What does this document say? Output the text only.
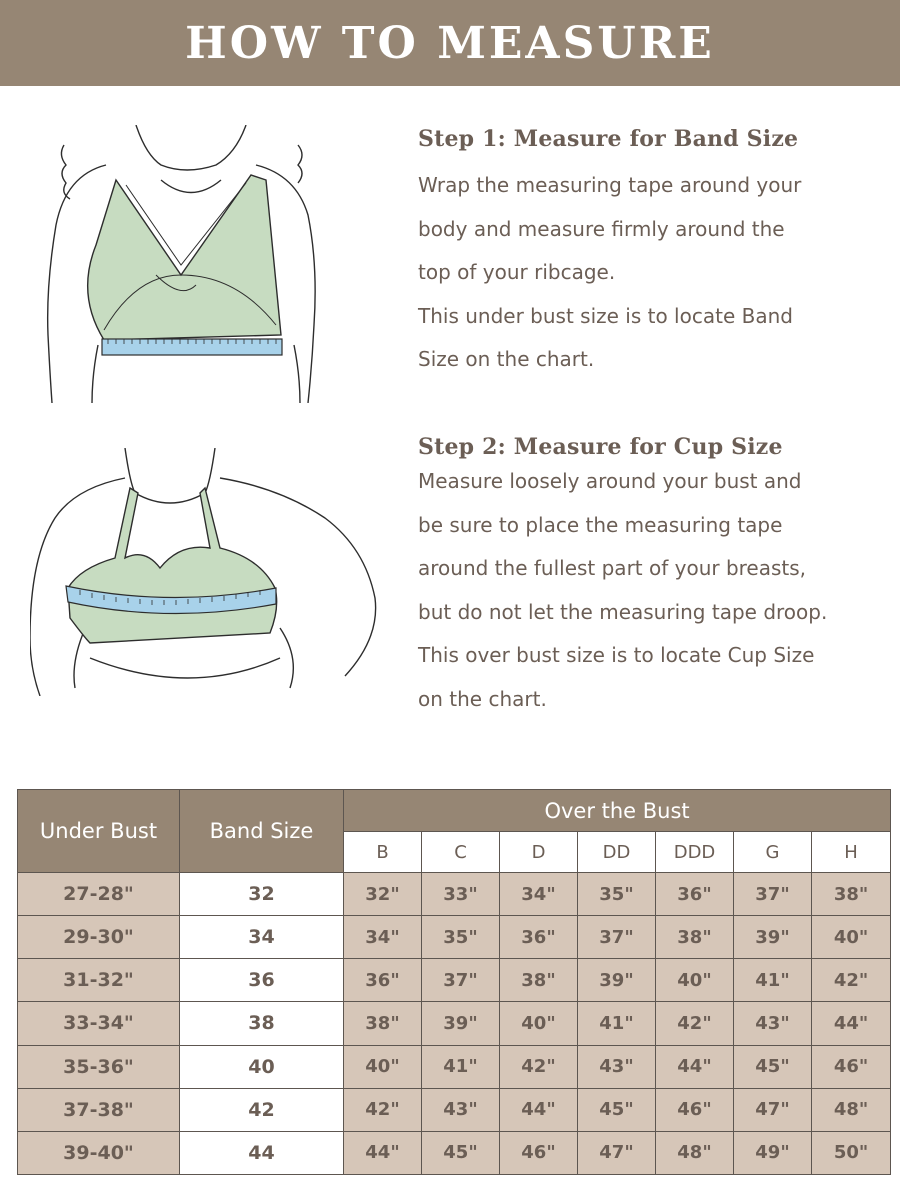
HOW TO MEASURE
Step 1: Measure for Band Size

Wrap the measuring tape around your
body and measure firmly around the
top of your ribcage.
This under bust size is to locate Band
Size on the chart.

Step 2: Measure for Cup Size

Measure loosely around your bust and
be sure to place the measuring tape
around the fullest part of your breasts,
but do not let the measuring tape droop.
This over bust size is to locate Cup Size
on the chart.

Under Bust	Band Size	Over the Bust						
		B	C	D	DD	DDD	G	H
27-28"	32	32"	33"	34"	35"	36"	37"	38"
29-30"	34	34"	35"	36"	37"	38"	39"	40"
31-32"	36	36"	37"	38"	39"	40"	41"	42"
33-34"	38	38"	39"	40"	41"	42"	43"	44"
35-36"	40	40"	41"	42"	43"	44"	45"	46"
37-38"	42	42"	43"	44"	45"	46"	47"	48"
39-40"	44	44"	45"	46"	47"	48"	49"	50"
